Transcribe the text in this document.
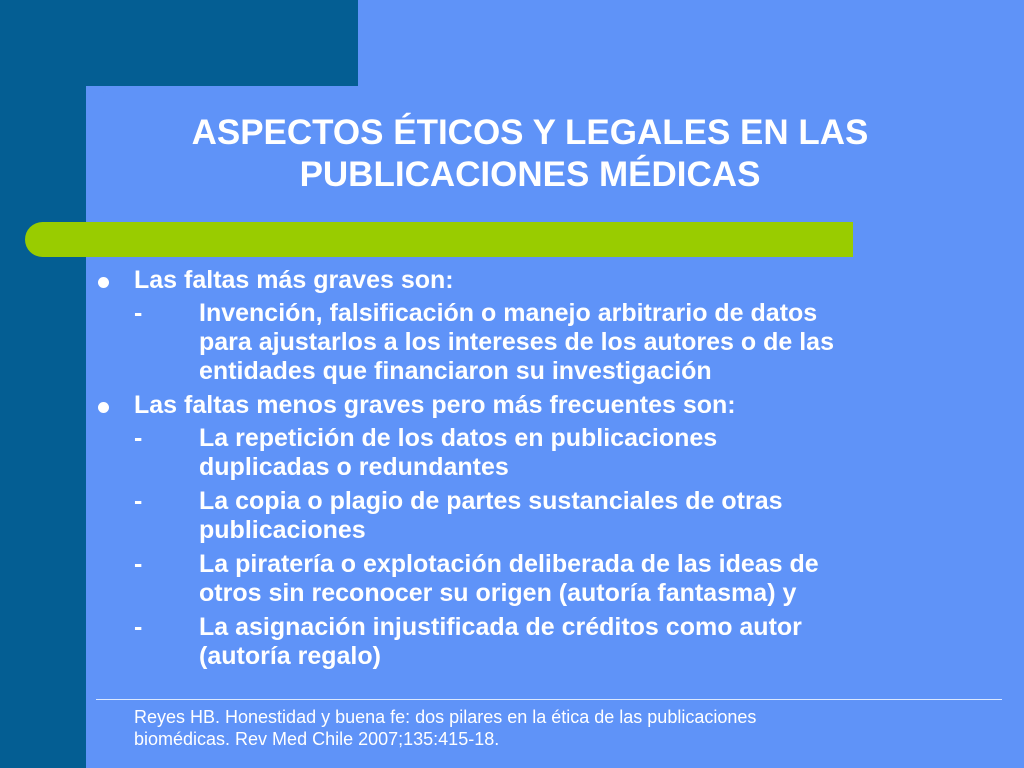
ASPECTOS ÉTICOS Y LEGALES EN LAS
PUBLICACIONES MÉDICAS
Las faltas más graves son:
- Invención, falsificación o manejo arbitrario de datos
para ajustarlos a los intereses de los autores o de las
entidades que financiaron su investigación
Las faltas menos graves pero más frecuentes son:
- La repetición de los datos en publicaciones
duplicadas o redundantes
- La copia o plagio de partes sustanciales de otras
publicaciones
- La piratería o explotación deliberada de las ideas de
otros sin reconocer su origen (autoría fantasma) y
- La asignación injustificada de créditos como autor
(autoría regalo)
Reyes HB. Honestidad y buena fe: dos pilares en la ética de las publicaciones
biomédicas. Rev Med Chile 2007;135:415-18.
